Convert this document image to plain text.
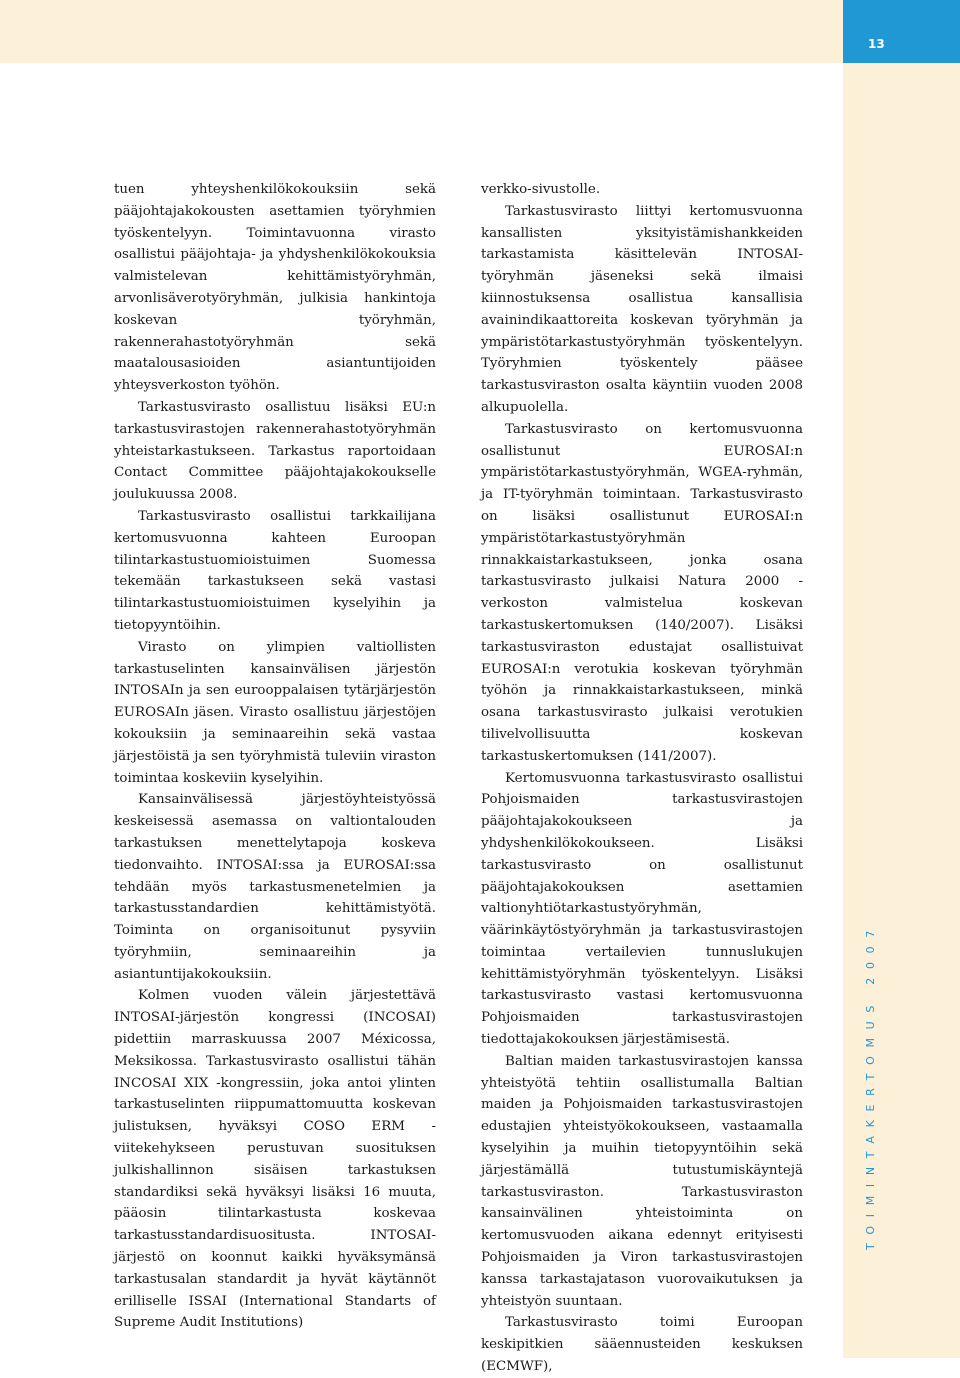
13
TOIMINTAKERTOMUS 2007

tuen yhteyshenkilökokouksiin sekä pääjohtajakokousten asettamien työryhmien työskentelyyn. Toimintavuonna virasto osallistui pääjohtaja- ja yhdyshenkilökokouksia valmistelevan kehittämistyöryhmän, arvonlisäverotyöryhmän, julkisia hankintoja koskevan työryhmän, rakennerahastotyöryhmän sekä maatalousasioiden asiantuntijoiden yhteysverkoston työhön.

Tarkastusvirasto osallistuu lisäksi EU:n tarkastusvirastojen rakennerahastotyöryhmän yhteistarkastukseen. Tarkastus raportoidaan Contact Committee pääjohtajakokoukselle joulukuussa 2008.

Tarkastusvirasto osallistui tarkkailijana kertomusvuonna kahteen Euroopan tilintarkastustuomioistuimen Suomessa tekemään tarkastukseen sekä vastasi tilintarkastustuomioistuimen kyselyihin ja tietopyyntöihin.

Virasto on ylimpien valtiollisten tarkastuselinten kansainvälisen järjestön INTOSAIn ja sen eurooppalaisen tytärjärjestön EUROSAIn jäsen. Virasto osallistuu järjestöjen kokouksiin ja seminaareihin sekä vastaa järjestöistä ja sen työryhmistä tuleviin viraston toimintaa koskeviin kyselyihin.

Kansainvälisessä järjestöyhteistyössä keskeisessä asemassa on valtiontalouden tarkastuksen menettelytapoja koskeva tiedonvaihto. INTOSAI:ssa ja EUROSAI:ssa tehdään myös tarkastusmenetelmien ja tarkastusstandardien kehittämistyötä. Toiminta on organisoitunut pysyviin työryhmiin, seminaareihin ja asiantuntijakokouksiin.

Kolmen vuoden välein järjestettävä INTOSAI-järjestön kongressi (INCOSAI) pidettiin marraskuussa 2007 Méxicossa, Meksikossa. Tarkastusvirasto osallistui tähän INCOSAI XIX -kongressiin, joka antoi ylinten tarkastuselinten riippumattomuutta koskevan julistuksen, hyväksyi COSO ERM -viitekehykseen perustuvan suosituksen julkishallinnon sisäisen tarkastuksen standardiksi sekä hyväksyi lisäksi 16 muuta, pääosin tilintarkastusta koskevaa tarkastusstandardisuositusta. INTOSAI-järjestö on koonnut kaikki hyväksymänsä tarkastusalan standardit ja hyvät käytännöt erilliselle ISSAI (International Standarts of Supreme Audit Institutions)

verkko-sivustolle.

Tarkastusvirasto liittyi kertomusvuonna kansallisten yksityistämishankkeiden tarkastamista käsittelevän INTOSAI-työryhmän jäseneksi sekä ilmaisi kiinnostuksensa osallistua kansallisia avainindikaattoreita koskevan työryhmän ja ympäristötarkastustyöryhmän työskentelyyn. Työryhmien työskentely pääsee tarkastusviraston osalta käyntiin vuoden 2008 alkupuolella.

Tarkastusvirasto on kertomusvuonna osallistunut EUROSAI:n ympäristötarkastustyöryhmän, WGEA-ryhmän, ja IT-työryhmän toimintaan. Tarkastusvirasto on lisäksi osallistunut EUROSAI:n ympäristötarkastustyöryhmän rinnakkaistarkastukseen, jonka osana tarkastusvirasto julkaisi Natura 2000 -verkoston valmistelua koskevan tarkastuskertomuksen (140/2007). Lisäksi tarkastusviraston edustajat osallistuivat EUROSAI:n verotukia koskevan työryhmän työhön ja rinnakkaistarkastukseen, minkä osana tarkastusvirasto julkaisi verotukien tilivelvollisuutta koskevan tarkastuskertomuksen (141/2007).

Kertomusvuonna tarkastusvirasto osallistui Pohjoismaiden tarkastusvirastojen pääjohtajakokoukseen ja yhdyshenkilökokoukseen. Lisäksi tarkastusvirasto on osallistunut pääjohtajakokouksen asettamien valtionyhtiötarkastustyöryhmän, väärinkäytöstyöryhmän ja tarkastusvirastojen toimintaa vertailevien tunnuslukujen kehittämistyöryhmän työskentelyyn. Lisäksi tarkastusvirasto vastasi kertomusvuonna Pohjoismaiden tarkastusvirastojen tiedottajakokouksen järjestämisestä.

Baltian maiden tarkastusvirastojen kanssa yhteistyötä tehtiin osallistumalla Baltian maiden ja Pohjoismaiden tarkastusvirastojen edustajien yhteistyökokoukseen, vastaamalla kyselyihin ja muihin tietopyyntöihin sekä järjestämällä tutustumiskäyntejä tarkastusviraston. Tarkastusviraston kansainvälinen yhteistoiminta on kertomusvuoden aikana edennyt erityisesti Pohjoismaiden ja Viron tarkastusvirastojen kanssa tarkastajatason vuorovaikutuksen ja yhteistyön suuntaan.

Tarkastusvirasto toimi Euroopan keskipitkien sääennusteiden keskuksen (ECMWF),
